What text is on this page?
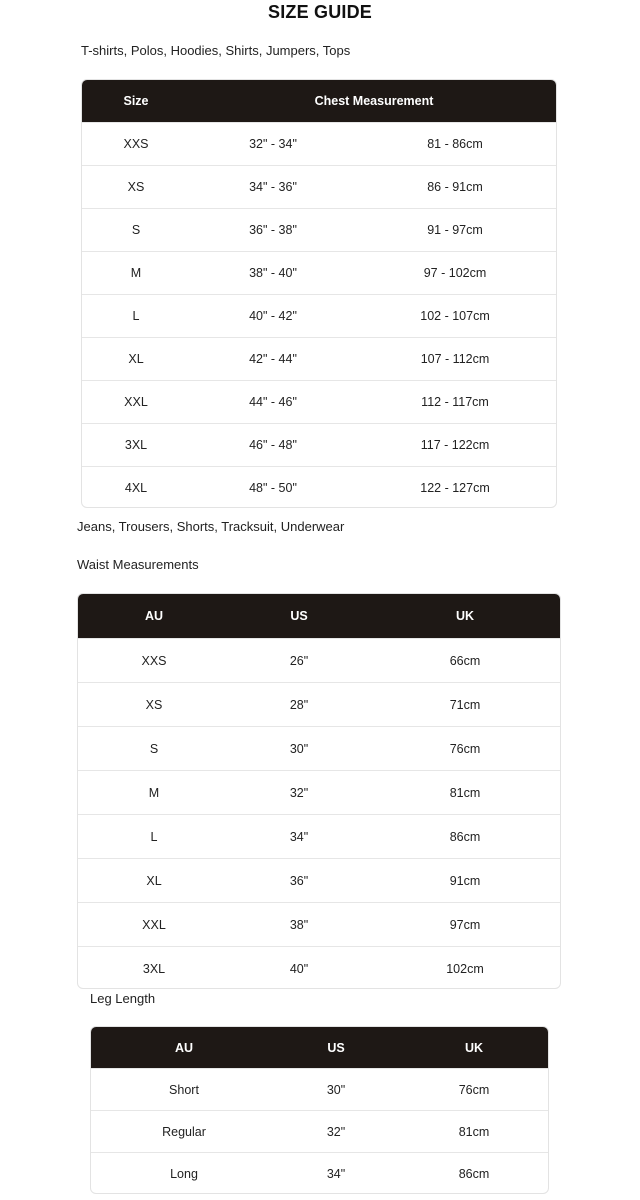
SIZE GUIDE
T-shirts, Polos, Hoodies, Shirts, Jumpers, Tops
Size	Chest Measurement
XXS	32" - 34"	81 - 86cm
XS	34" - 36"	86 - 91cm
S	36" - 38"	91 - 97cm
M	38" - 40"	97 - 102cm
L	40" - 42"	102 - 107cm
XL	42" - 44"	107 - 112cm
XXL	44" - 46"	112 - 117cm
3XL	46" - 48"	117 - 122cm
4XL	48" - 50"	122 - 127cm
Jeans, Trousers, Shorts, Tracksuit, Underwear
Waist Measurements
AU	US	UK
XXS	26"	66cm
XS	28"	71cm
S	30"	76cm
M	32"	81cm
L	34"	86cm
XL	36"	91cm
XXL	38"	97cm
3XL	40"	102cm
Leg Length
AU	US	UK
Short	30"	76cm
Regular	32"	81cm
Long	34"	86cm
